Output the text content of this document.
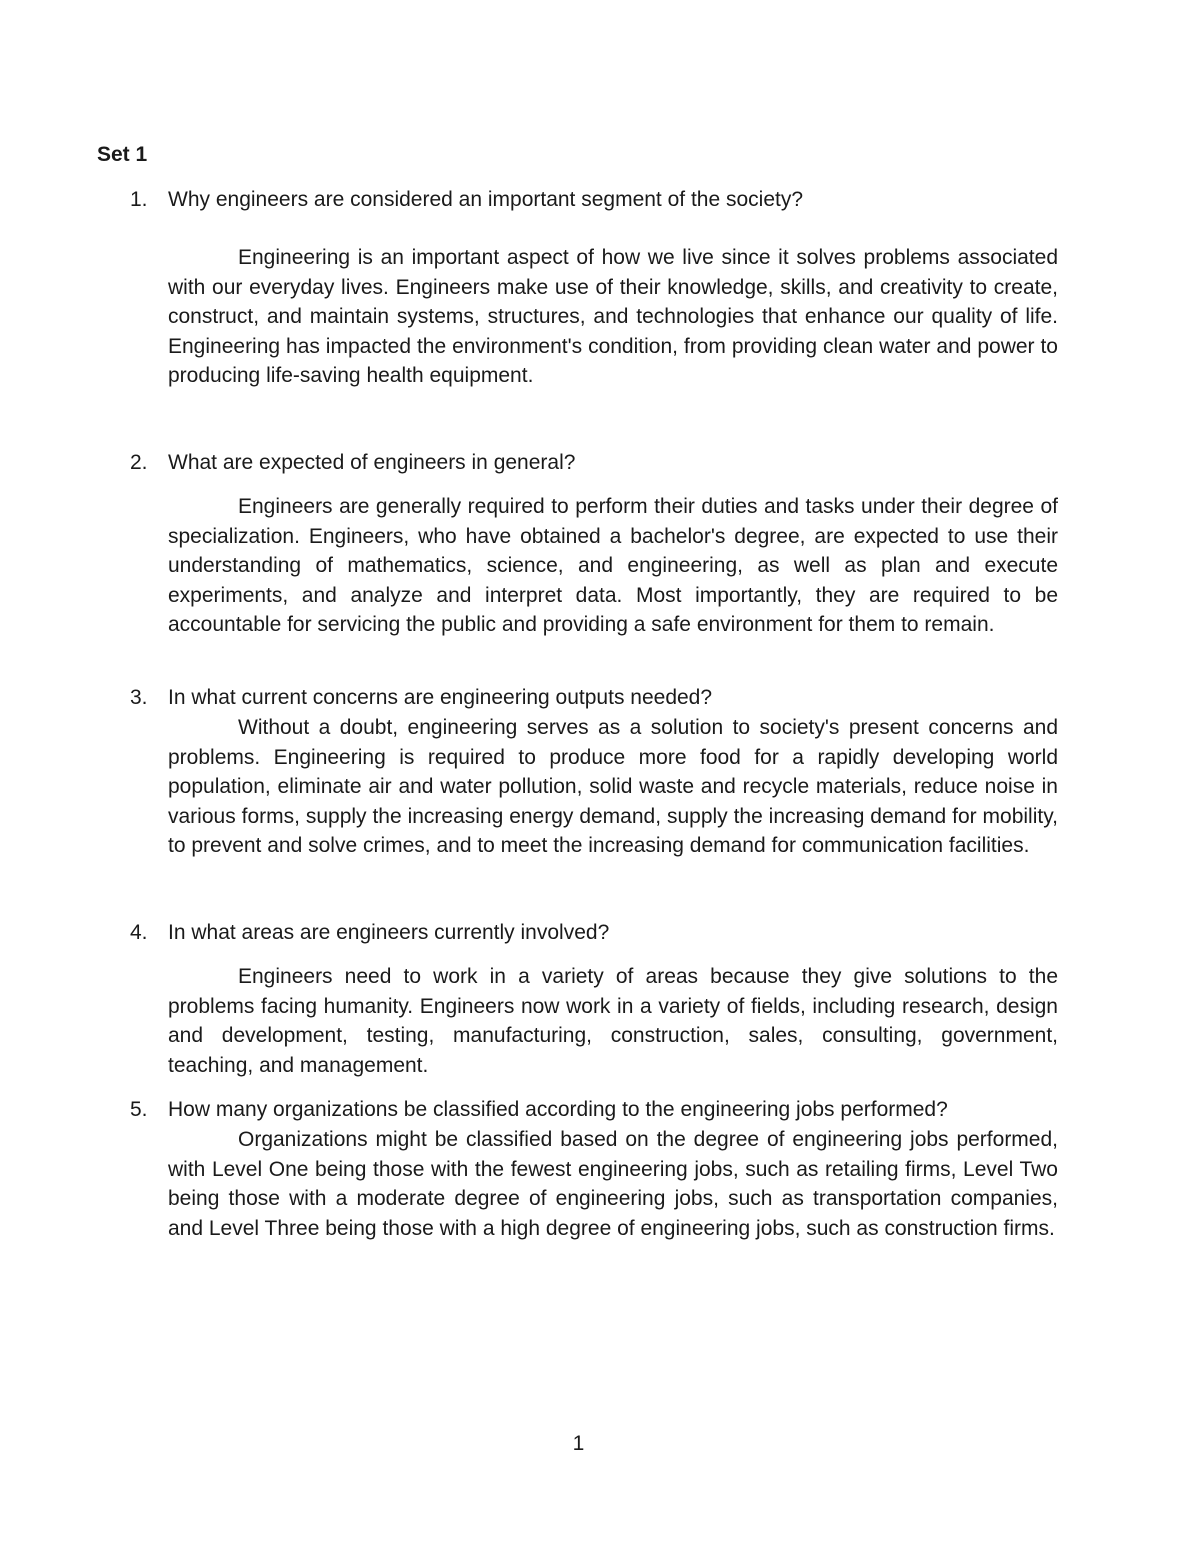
Set 1
1. Why engineers are considered an important segment of the society?

Engineering is an important aspect of how we live since it solves problems associated with our everyday lives. Engineers make use of their knowledge, skills, and creativity to create, construct, and maintain systems, structures, and technologies that enhance our quality of life. Engineering has impacted the environment's condition, from providing clean water and power to producing life-saving health equipment.

2. What are expected of engineers in general?

Engineers are generally required to perform their duties and tasks under their degree of specialization. Engineers, who have obtained a bachelor's degree, are expected to use their understanding of mathematics, science, and engineering, as well as plan and execute experiments, and analyze and interpret data. Most importantly, they are required to be accountable for servicing the public and providing a safe environment for them to remain.

3. In what current concerns are engineering outputs needed?

Without a doubt, engineering serves as a solution to society's present concerns and problems. Engineering is required to produce more food for a rapidly developing world population, eliminate air and water pollution, solid waste and recycle materials, reduce noise in various forms, supply the increasing energy demand, supply the increasing demand for mobility, to prevent and solve crimes, and to meet the increasing demand for communication facilities.

4. In what areas are engineers currently involved?

Engineers need to work in a variety of areas because they give solutions to the problems facing humanity. Engineers now work in a variety of fields, including research, design and development, testing, manufacturing, construction, sales, consulting, government, teaching, and management.

5. How many organizations be classified according to the engineering jobs performed?

Organizations might be classified based on the degree of engineering jobs performed, with Level One being those with the fewest engineering jobs, such as retailing firms, Level Two being those with a moderate degree of engineering jobs, such as transportation companies, and Level Three being those with a high degree of engineering jobs, such as construction firms.

1
